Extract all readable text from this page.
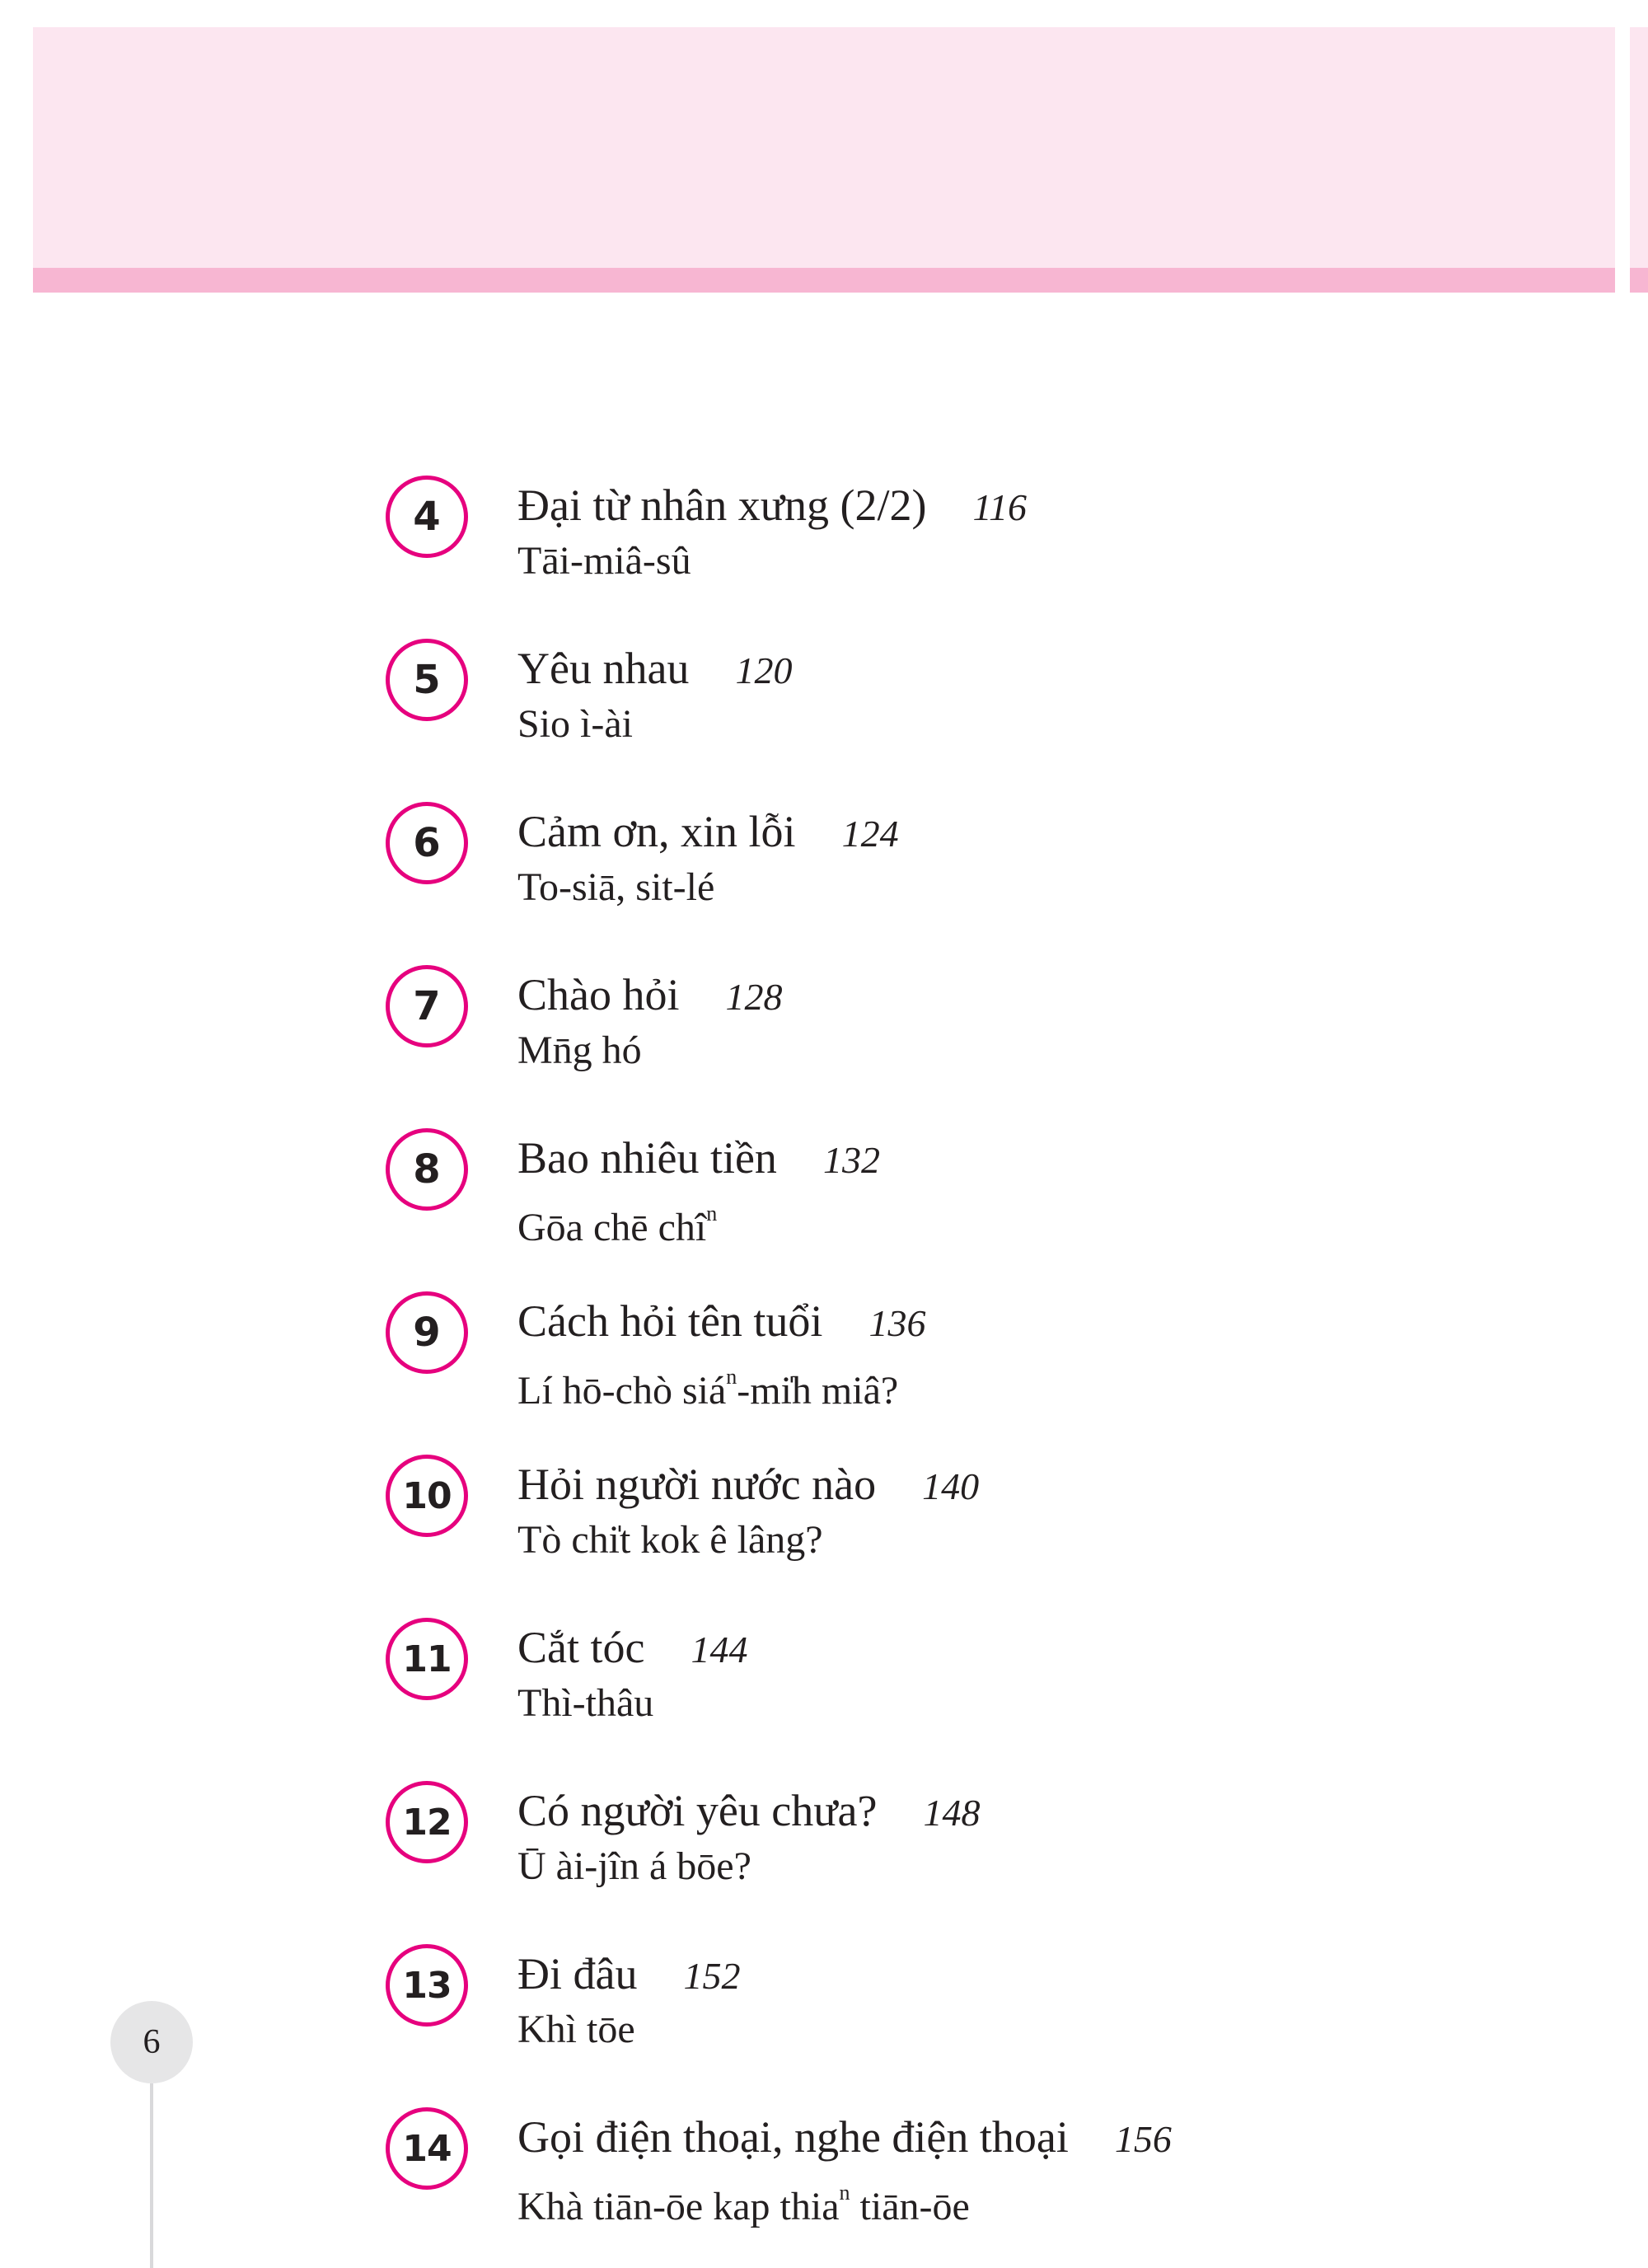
4	Đại từ nhân xưng (2/2) 116
Tāi-miâ-sû
5	Yêu nhau 120
Sio ì-ài
6	Cảm ơn, xin lỗi 124
To-siā, sit-lé
7	Chào hỏi 128
Mn̄g hó
8	Bao nhiêu tiền 132
Gōa chē chî$^n$
9	Cách hỏi tên tuổi 136
Lí hō-chò siá$^n$-mi̍h miâ?
10	Hỏi người nước nào 140
Tò chi̍t kok ê lâng?
11	Cắt tóc 144
Thì-thâu
12	Có người yêu chưa? 148
Ū ài-jîn á bōe?
13	Đi đâu 152
Khì tōe
14	Gọi điện thoại, nghe điện thoại 156
Khà tiān-ōe kap thia$^n$ tiān-ōe
6
